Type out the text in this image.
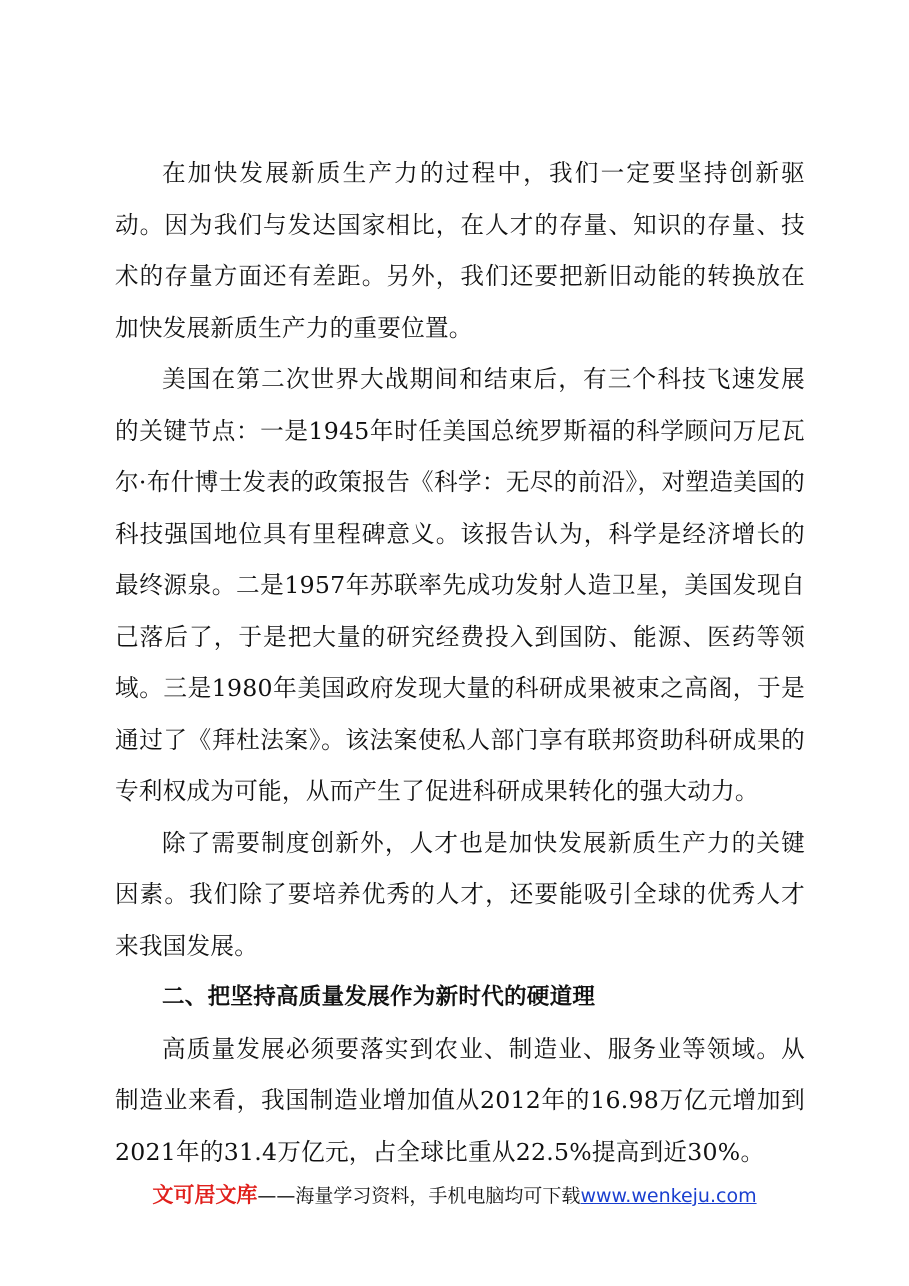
在加快发展新质生产力的过程中，我们一定要坚持创新驱动。因为我们与发达国家相比，在人才的存量、知识的存量、技术的存量方面还有差距。另外，我们还要把新旧动能的转换放在加快发展新质生产力的重要位置。

美国在第二次世界大战期间和结束后，有三个科技飞速发展的关键节点：一是1945年时任美国总统罗斯福的科学顾问万尼瓦尔·布什博士发表的政策报告《科学：无尽的前沿》，对塑造美国的科技强国地位具有里程碑意义。该报告认为，科学是经济增长的最终源泉。二是1957年苏联率先成功发射人造卫星，美国发现自己落后了，于是把大量的研究经费投入到国防、能源、医药等领域。三是1980年美国政府发现大量的科研成果被束之高阁，于是通过了《拜杜法案》。该法案使私人部门享有联邦资助科研成果的专利权成为可能，从而产生了促进科研成果转化的强大动力。

除了需要制度创新外，人才也是加快发展新质生产力的关键因素。我们除了要培养优秀的人才，还要能吸引全球的优秀人才来我国发展。

二、把坚持高质量发展作为新时代的硬道理

高质量发展必须要落实到农业、制造业、服务业等领域。从制造业来看，我国制造业增加值从2012年的16.98万亿元增加到2021年的31.4万亿元，占全球比重从22.5%提高到近30%。

文可居文库——海量学习资料，手机电脑均可下载www.wenkeju.com
